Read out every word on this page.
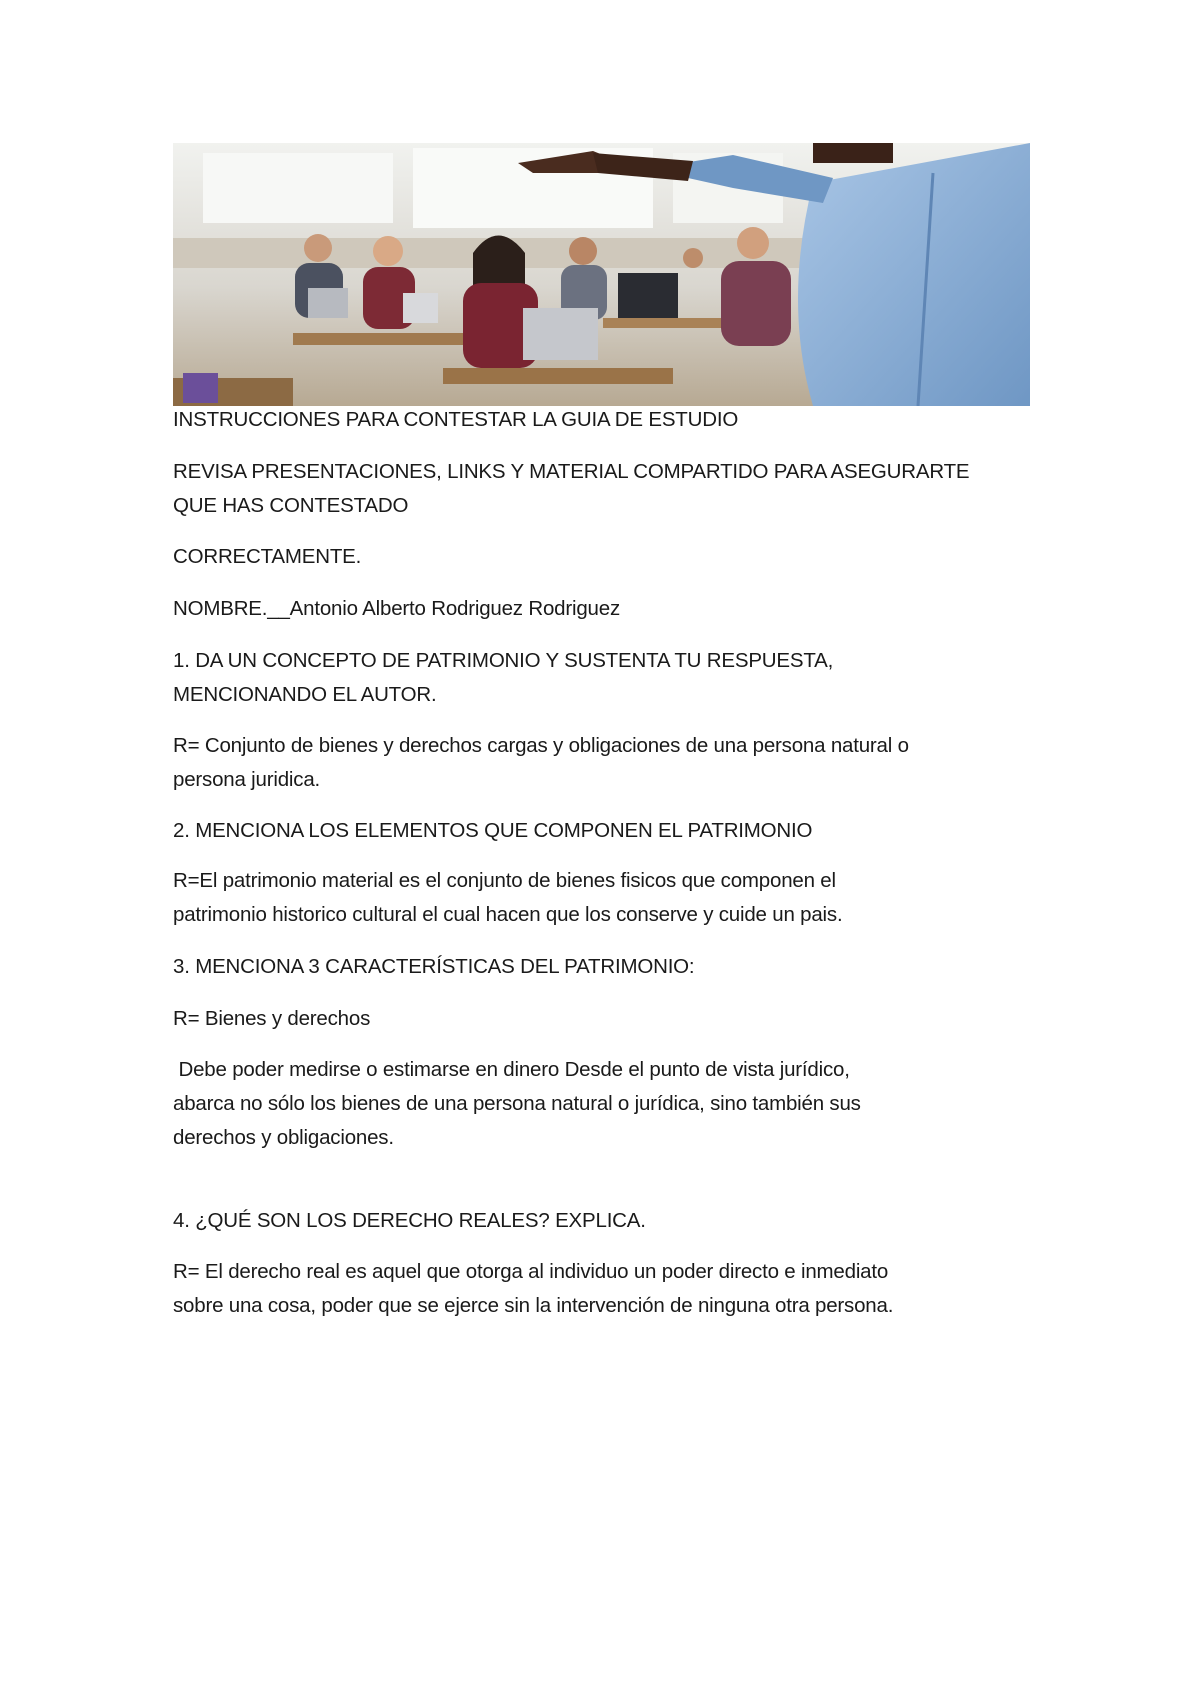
INSTRUCCIONES PARA CONTESTAR LA GUIA DE ESTUDIO

REVISA PRESENTACIONES, LINKS Y MATERIAL COMPARTIDO PARA ASEGURARTE

QUE HAS CONTESTADO

CORRECTAMENTE.

NOMBRE.__Antonio Alberto Rodriguez Rodriguez

1. DA UN CONCEPTO DE PATRIMONIO Y SUSTENTA TU RESPUESTA,

MENCIONANDO EL AUTOR.

R= Conjunto de bienes y derechos cargas y obligaciones de una persona natural o

persona juridica.

2. MENCIONA LOS ELEMENTOS QUE COMPONEN EL PATRIMONIO

R=El patrimonio material es el conjunto de bienes fisicos que componen el

patrimonio historico cultural el cual hacen que los conserve y cuide un pais.

3. MENCIONA 3 CARACTERÍSTICAS DEL PATRIMONIO:

R= Bienes y derechos

Debe poder medirse o estimarse en dinero Desde el punto de vista jurídico,

abarca no sólo los bienes de una persona natural o jurídica, sino también sus

derechos y obligaciones.

4. ¿QUÉ SON LOS DERECHO REALES? EXPLICA.

R= El derecho real es aquel que otorga al individuo un poder directo e inmediato

sobre una cosa, poder que se ejerce sin la intervención de ninguna otra persona.
